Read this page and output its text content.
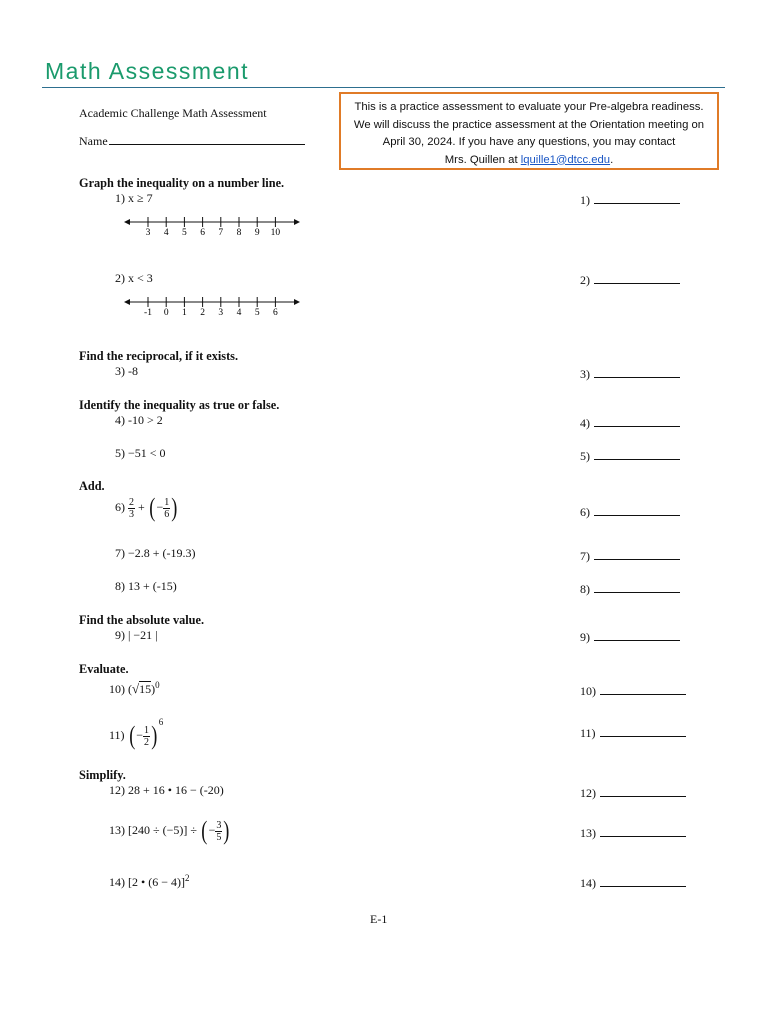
Math Assessment
Academic Challenge Math Assessment
Name
This is a practice assessment to evaluate your Pre-algebra readiness.
We will discuss the practice assessment at the Orientation meeting on
April 30, 2024. If you have any questions, you may contact
Mrs. Quillen at lquille1@dtcc.edu.
Graph the inequality on a number line.
1) x ≥ 7
3 4 5 6 7 8 9 10
2) x < 3
-1 0 1 2 3 4 5 6
Find the reciprocal, if it exists.
3) -8
Identify the inequality as true or false.
4) -10 > 2
5) −51 < 0
Add.
$6) \frac{2}{3}$ + (− $\frac{1}{6}$ )
7) −2.8 + (-19.3)
8) 13 + (-15)
Find the absolute value.
9) | −21 |
Evaluate.
10) $(√15)^0$
11) (− $\frac{1}{2} )^6$
Simplify.
12) 28 + 16 • 16 − (-20)
13) [240 ÷ (−5)] ÷ (− $\frac{3}{5}$ )
14) [2 • (6 − 4)]$^2$
1)
2)
3)
4)
5)
6)
7)
8)
9)
10)
11)
12)
13)
14)
E-1
